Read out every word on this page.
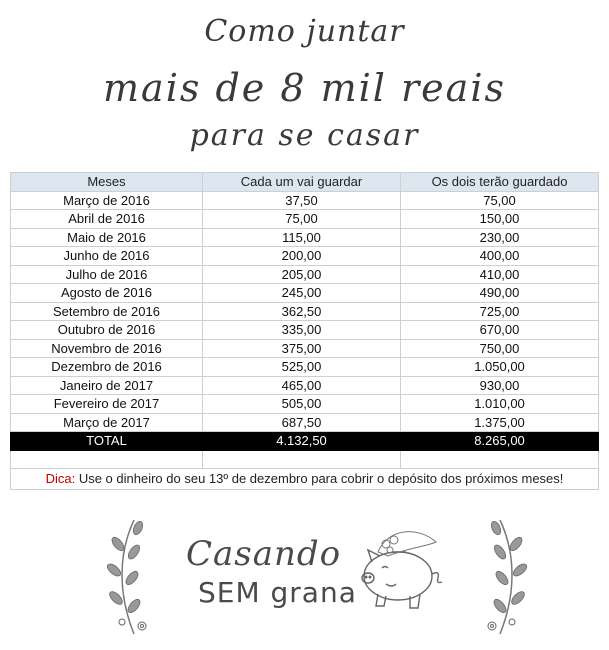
Como juntar
mais de 8 mil reais
para se casar
Meses	Cada um vai guardar	Os dois terão guardado
Março de 2016	37,50	75,00
Abril de 2016	75,00	150,00
Maio de 2016	115,00	230,00
Junho de 2016	200,00	400,00
Julho de 2016	205,00	410,00
Agosto de 2016	245,00	490,00
Setembro de 2016	362,50	725,00
Outubro de 2016	335,00	670,00
Novembro de 2016	375,00	750,00
Dezembro de 2016	525,00	1.050,00
Janeiro de 2017	465,00	930,00
Fevereiro de 2017	505,00	1.010,00
Março de 2017	687,50	1.375,00
TOTAL	4.132,50	8.265,00

Dica: Use o dinheiro do seu 13º de dezembro para cobrir o depósito dos próximos meses!		
Casando
SEM grana
